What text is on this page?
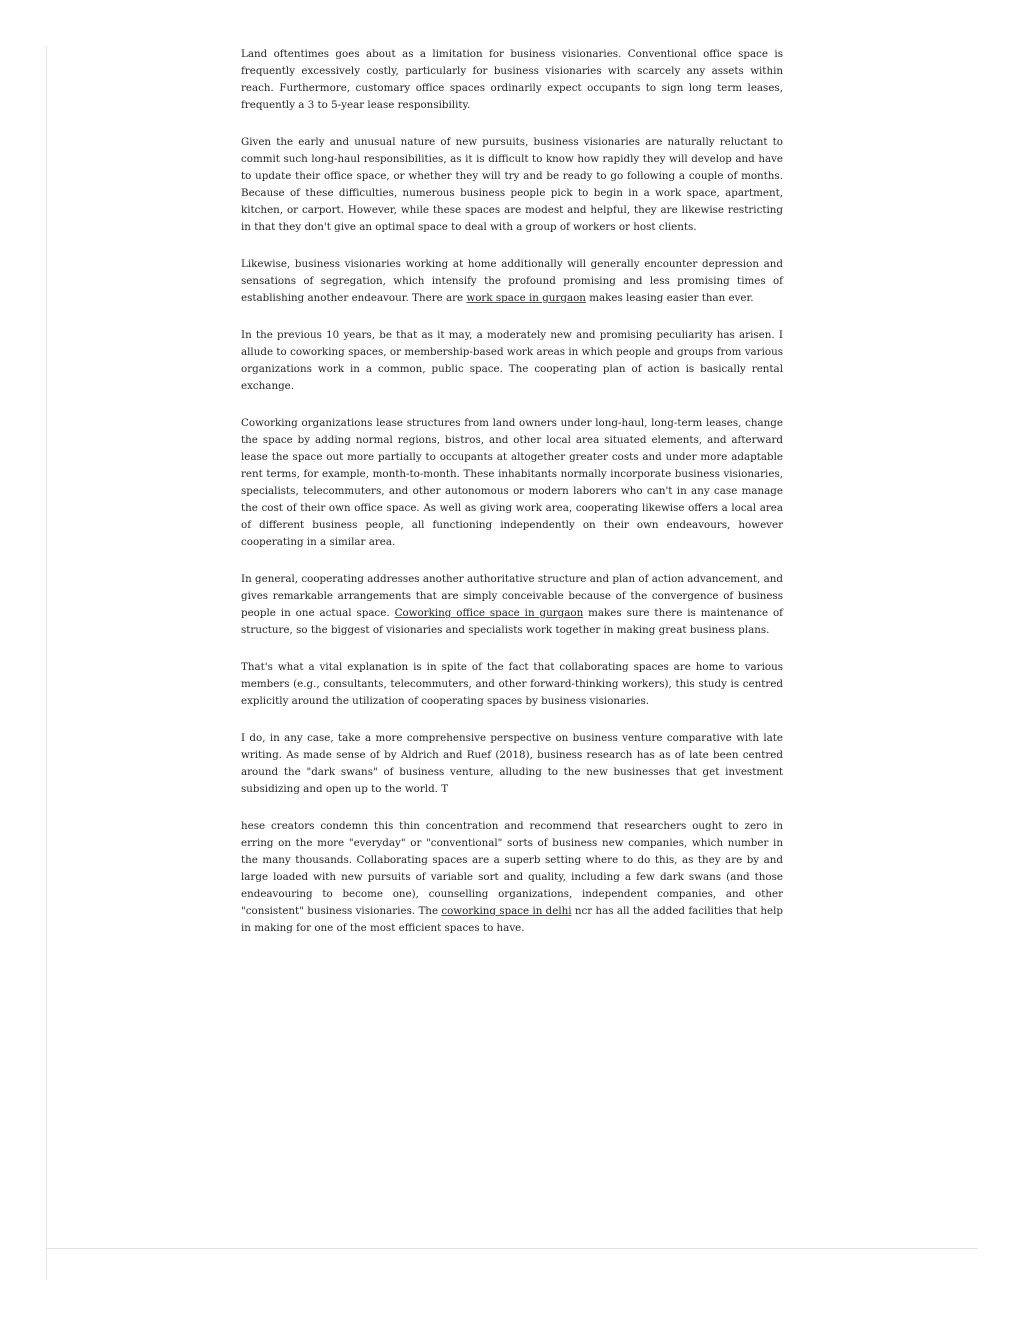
Land oftentimes goes about as a limitation for business visionaries. Conventional office space is frequently excessively costly, particularly for business visionaries with scarcely any assets within reach. Furthermore, customary office spaces ordinarily expect occupants to sign long term leases, frequently a 3 to 5-year lease responsibility.

Given the early and unusual nature of new pursuits, business visionaries are naturally reluctant to commit such long-haul responsibilities, as it is difficult to know how rapidly they will develop and have to update their office space, or whether they will try and be ready to go following a couple of months. Because of these difficulties, numerous business people pick to begin in a work space, apartment, kitchen, or carport. However, while these spaces are modest and helpful, they are likewise restricting in that they don't give an optimal space to deal with a group of workers or host clients.

Likewise, business visionaries working at home additionally will generally encounter depression and sensations of segregation, which intensify the profound promising and less promising times of establishing another endeavour. There are work space in gurgaon makes leasing easier than ever.

In the previous 10 years, be that as it may, a moderately new and promising peculiarity has arisen. I allude to coworking spaces, or membership-based work areas in which people and groups from various organizations work in a common, public space. The cooperating plan of action is basically rental exchange.

Coworking organizations lease structures from land owners under long-haul, long-term leases, change the space by adding normal regions, bistros, and other local area situated elements, and afterward lease the space out more partially to occupants at altogether greater costs and under more adaptable rent terms, for example, month-to-month. These inhabitants normally incorporate business visionaries, specialists, telecommuters, and other autonomous or modern laborers who can't in any case manage the cost of their own office space. As well as giving work area, cooperating likewise offers a local area of different business people, all functioning independently on their own endeavours, however cooperating in a similar area.

In general, cooperating addresses another authoritative structure and plan of action advancement, and gives remarkable arrangements that are simply conceivable because of the convergence of business people in one actual space. Coworking office space in gurgaon makes sure there is maintenance of structure, so the biggest of visionaries and specialists work together in making great business plans.

That's what a vital explanation is in spite of the fact that collaborating spaces are home to various members (e.g., consultants, telecommuters, and other forward-thinking workers), this study is centred explicitly around the utilization of cooperating spaces by business visionaries.

I do, in any case, take a more comprehensive perspective on business venture comparative with late writing. As made sense of by Aldrich and Ruef (2018), business research has as of late been centred around the "dark swans" of business venture, alluding to the new businesses that get investment subsidizing and open up to the world. T

hese creators condemn this thin concentration and recommend that researchers ought to zero in erring on the more "everyday" or "conventional" sorts of business new companies, which number in the many thousands. Collaborating spaces are a superb setting where to do this, as they are by and large loaded with new pursuits of variable sort and quality, including a few dark swans (and those endeavouring to become one), counselling organizations, independent companies, and other "consistent" business visionaries. The coworking space in delhi ncr has all the added facilities that help in making for one of the most efficient spaces to have.
